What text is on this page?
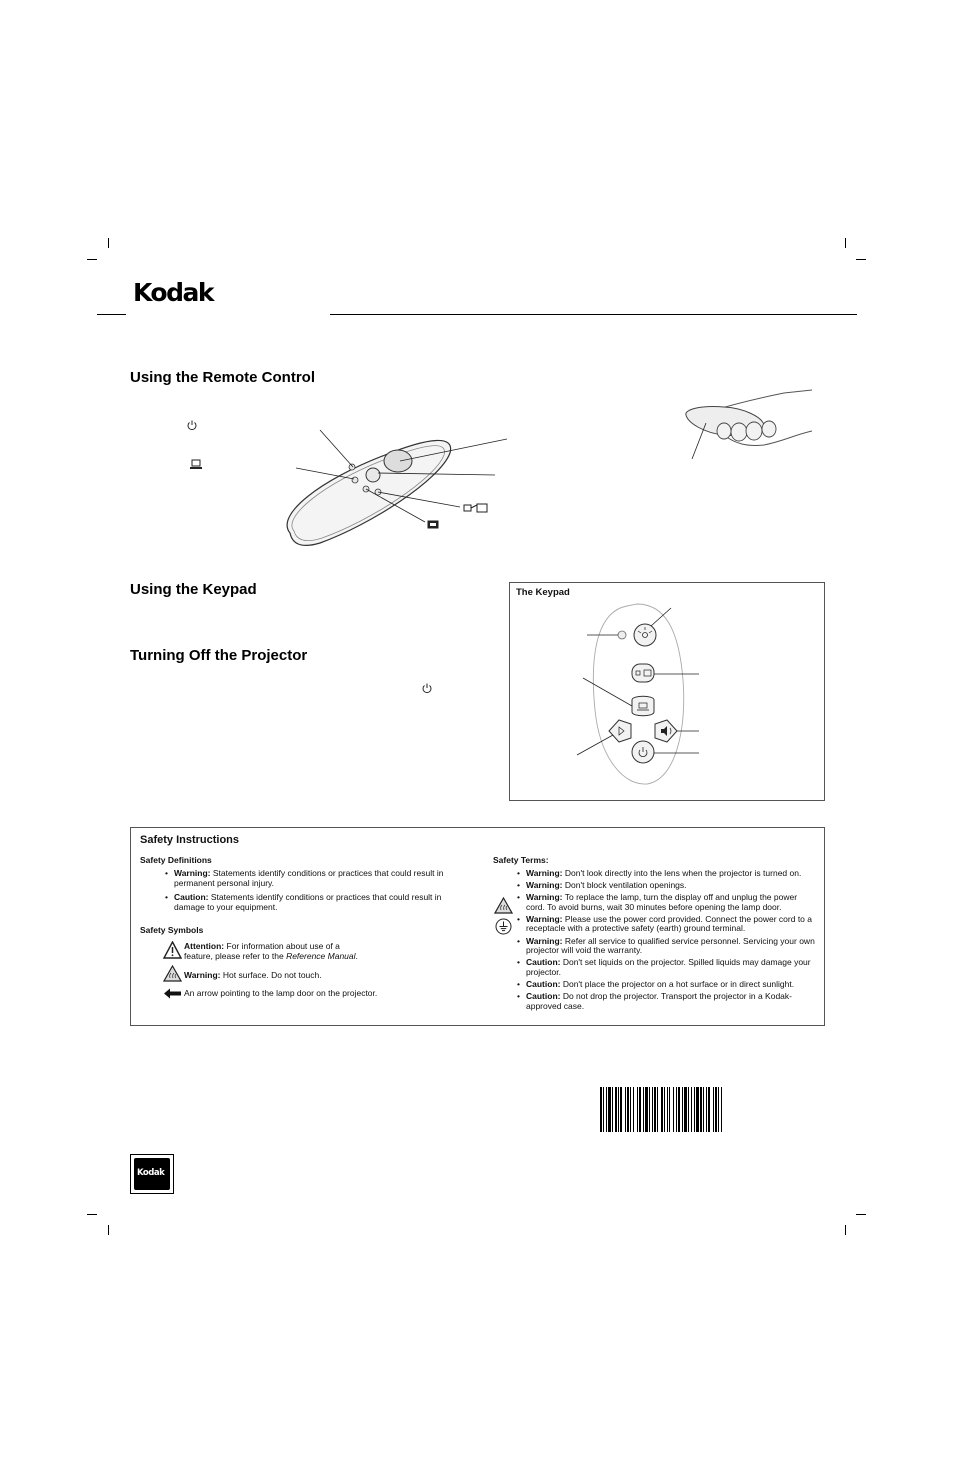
Kodak
Using the Remote Control
Using the Keypad
Turning Off the Projector
The Keypad
Safety Instructions
Safety Definitions
• Warning: Statements identify conditions or practices that could result in permanent personal injury.
• Caution: Statements identify conditions or practices that could result in damage to your equipment.
Safety Symbols
Attention: For information about use of a
feature, please refer to the Reference Manual.
Warning: Hot surface. Do not touch.
An arrow pointing to the lamp door on the projector.
Safety Terms:
• Warning: Don't look directly into the lens when the projector is turned on.
• Warning: Don't block ventilation openings.
• Warning: To replace the lamp, turn the display off and unplug the power cord. To avoid burns, wait 30 minutes before opening the lamp door.
• Warning: Please use the power cord provided. Connect the power cord to a receptacle with a protective safety (earth) ground terminal.
• Warning: Refer all service to qualified service personnel. Servicing your own projector will void the warranty.
• Caution: Don't set liquids on the projector. Spilled liquids may damage your projector.
• Caution: Don't place the projector on a hot surface or in direct sunlight.
• Caution: Do not drop the projector. Transport the projector in a Kodak-approved case.
Kodak
